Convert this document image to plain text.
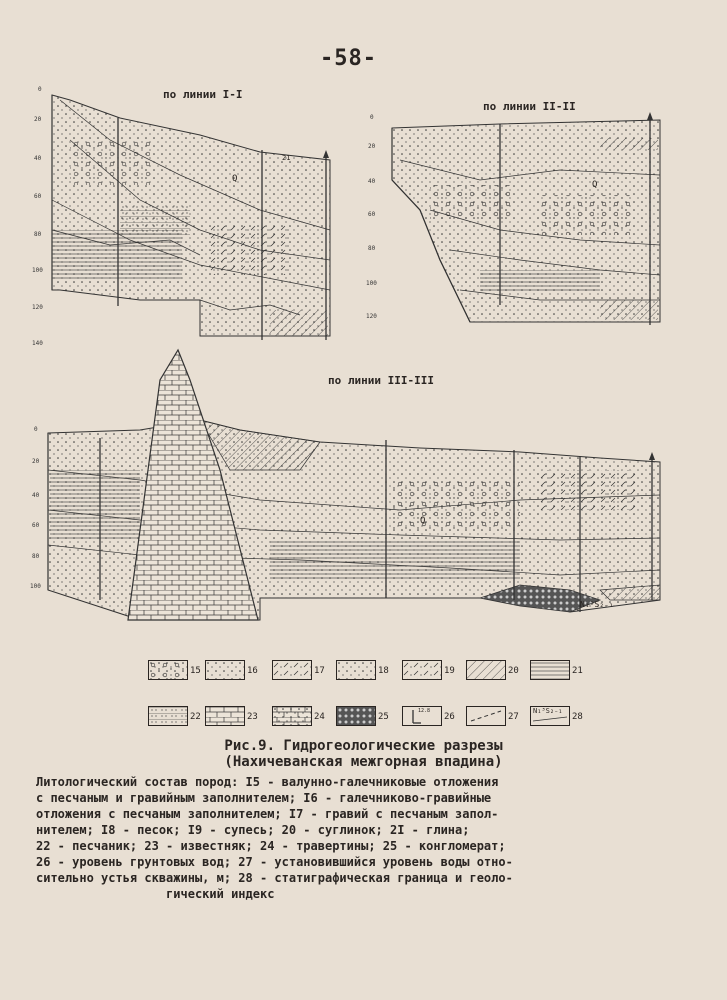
-58-
по линии I-I
0
20
40
60
80
100
120
140
Q
21
по линии II-II
0
20
40
60
80
100
120
Q
по линии III-III
0
20
40
60
80
100
Q
N₁³S₂₋₁
15	16	17	18	19	20	21
22	23	24	25
12.8
26	27
N₁³S₂₋₁
28
Рис.9. Гидрогеологические разрезы
(Нахичеванская межгорная впадина)
Литологический состав пород: I5 - валунно-галечниковые отложения
с песчаным и гравийным заполнителем; I6 - галечниково-гравийные
отложения с песчаным заполнителем; I7 - гравий с песчаным запол-
нителем; I8 - песок; I9 - супесь; 20 - суглинок; 2I - глина;
22 - песчаник; 23 - известняк; 24 - травертины; 25 - конгломерат;
26 - уровень грунтовых вод; 27 - установившийся уровень воды отно-
сительно устья скважины, м; 28 - статиграфическая граница и геоло-
гический индекс
